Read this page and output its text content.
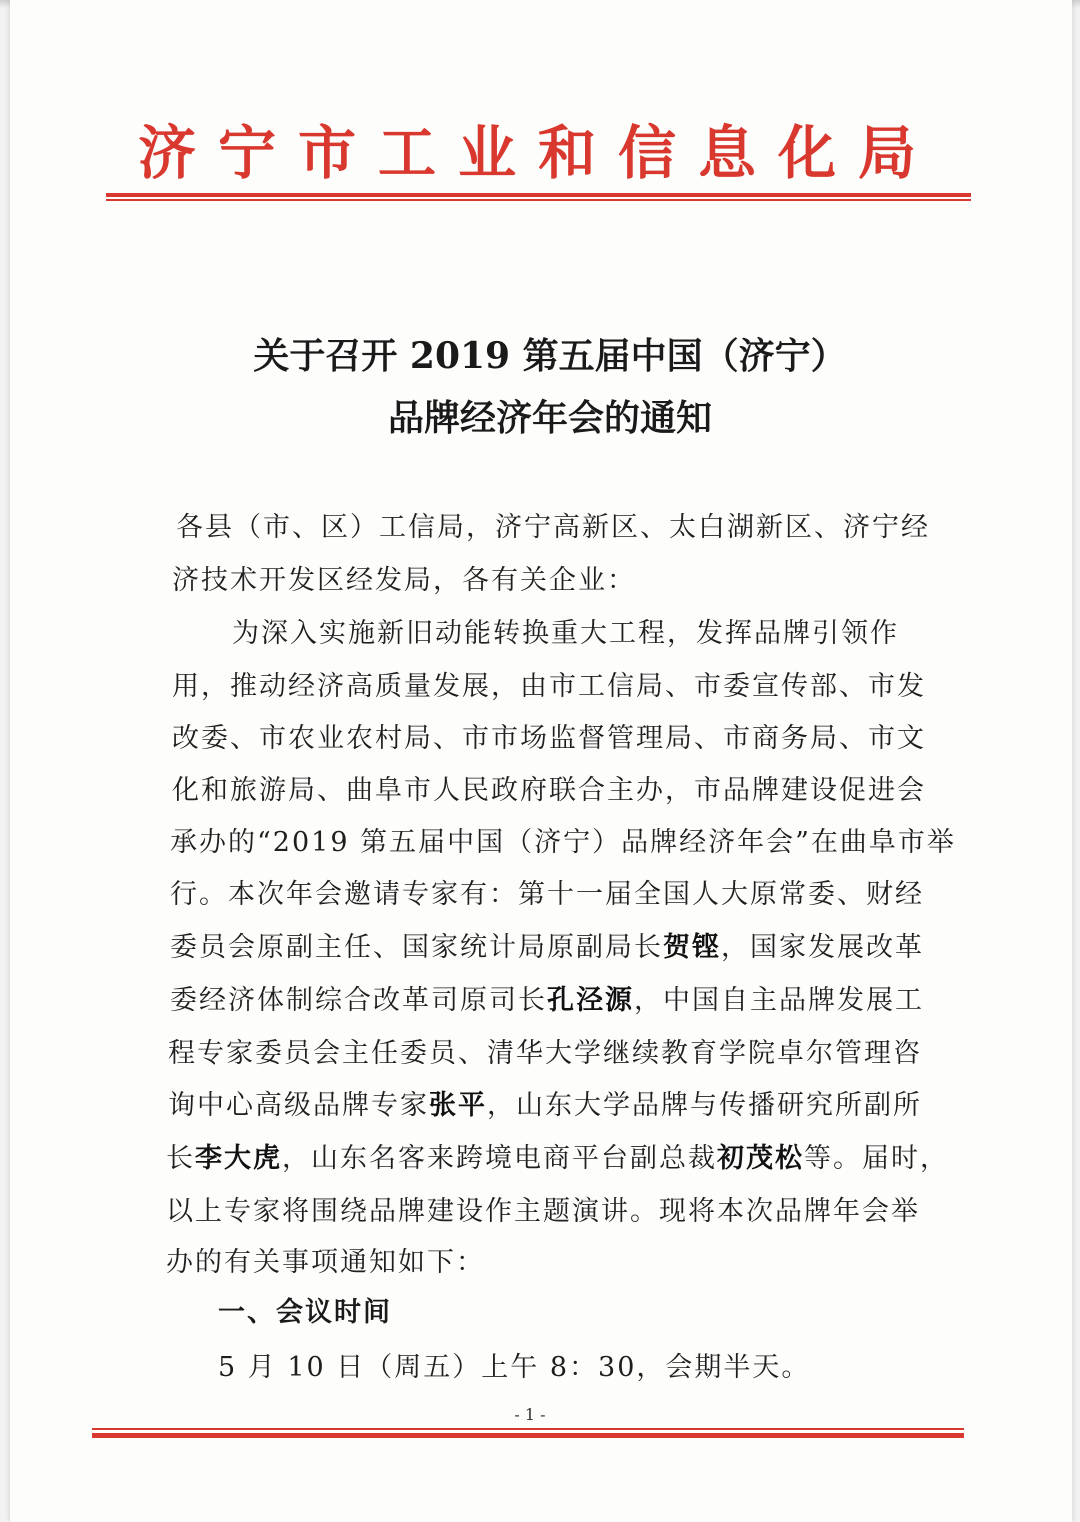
济宁市工业和信息化局
关于召开 2019 第五届中国（济宁）
品牌经济年会的通知
各县（市、区）工信局，济宁高新区、太白湖新区、济宁经
济技术开发区经发局，各有关企业：
为深入实施新旧动能转换重大工程，发挥品牌引领作
用，推动经济高质量发展，由市工信局、市委宣传部、市发
改委、市农业农村局、市市场监督管理局、市商务局、市文
化和旅游局、曲阜市人民政府联合主办，市品牌建设促进会
承办的“2019 第五届中国（济宁）品牌经济年会”在曲阜市举
行。本次年会邀请专家有：第十一届全国人大原常委、财经
委员会原副主任、国家统计局原副局长贺铿，国家发展改革
委经济体制综合改革司原司长孔泾源，中国自主品牌发展工
程专家委员会主任委员、清华大学继续教育学院卓尔管理咨
询中心高级品牌专家张平，山东大学品牌与传播研究所副所
长李大虎，山东名客来跨境电商平台副总裁初茂松等。届时，
以上专家将围绕品牌建设作主题演讲。现将本次品牌年会举
办的有关事项通知如下：
一、会议时间
5 月 10 日（周五）上午 8：30，会期半天。
- 1 -
